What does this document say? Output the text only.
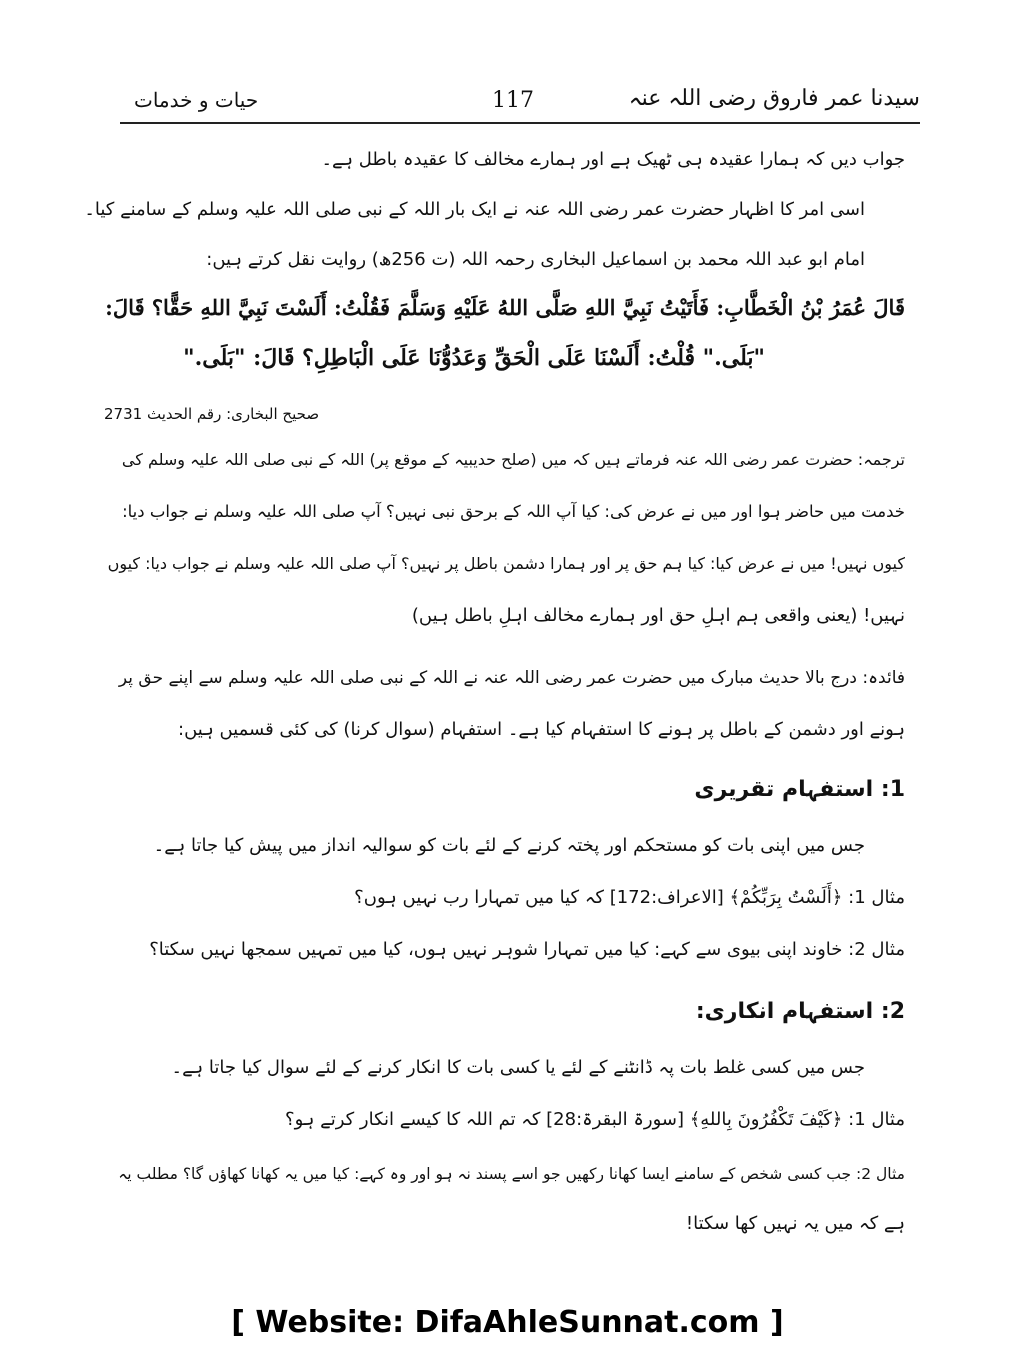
سیدنا عمر فاروق رضی اللہ عنہ
117
حیات و خدمات
جواب دیں کہ ہمارا عقیدہ ہی ٹھیک ہے اور ہمارے مخالف کا عقیدہ باطل ہے۔
اسی امر کا اظہار حضرت عمر رضی اللہ عنہ نے ایک بار اللہ کے نبی صلی اللہ علیہ وسلم کے سامنے کیا۔
امام ابو عبد اللہ محمد بن اسماعیل البخاری رحمہ اللہ (ت 256ھ) روایت نقل کرتے ہیں:
قَالَ عُمَرُ بْنُ الْخَطَّابِ: فَأَتَيْتُ نَبِيَّ اللهِ صَلَّى اللهُ عَلَيْهِ وَسَلَّمَ فَقُلْتُ: أَلَسْتَ نَبِيَّ اللهِ حَقًّا؟ قَالَ:
"بَلَى." قُلْتُ: أَلَسْنَا عَلَى الْحَقِّ وَعَدُوُّنَا عَلَى الْبَاطِلِ؟ قَالَ: "بَلَى."
صحیح البخاری: رقم الحدیث 2731
ترجمہ: حضرت عمر رضی اللہ عنہ فرماتے ہیں کہ میں (صلح حدیبیہ کے موقع پر) اللہ کے نبی صلی اللہ علیہ وسلم کی
خدمت میں حاضر ہوا اور میں نے عرض کی: کیا آپ اللہ کے برحق نبی نہیں؟ آپ صلی اللہ علیہ وسلم نے جواب دیا:
کیوں نہیں! میں نے عرض کیا: کیا ہم حق پر اور ہمارا دشمن باطل پر نہیں؟ آپ صلی اللہ علیہ وسلم نے جواب دیا: کیوں
نہیں! (یعنی واقعی ہم اہلِ حق اور ہمارے مخالف اہلِ باطل ہیں)
فائدہ: درج بالا حدیث مبارک میں حضرت عمر رضی اللہ عنہ نے اللہ کے نبی صلی اللہ علیہ وسلم سے اپنے حق پر
ہونے اور دشمن کے باطل پر ہونے کا استفہام کیا ہے۔ استفہام (سوال کرنا) کی کئی قسمیں ہیں:
1: استفہام تقریری
جس میں اپنی بات کو مستحکم اور پختہ کرنے کے لئے بات کو سوالیہ انداز میں پیش کیا جاتا ہے۔
مثال 1: ﴿أَلَسْتُ بِرَبِّكُمْ﴾ [الاعراف:172] کہ کیا میں تمہارا رب نہیں ہوں؟
مثال 2: خاوند اپنی بیوی سے کہے: کیا میں تمہارا شوہر نہیں ہوں، کیا میں تمہیں سمجھا نہیں سکتا؟
2: استفہام انکاری:
جس میں کسی غلط بات پہ ڈانٹنے کے لئے یا کسی بات کا انکار کرنے کے لئے سوال کیا جاتا ہے۔
مثال 1: ﴿كَيْفَ تَكْفُرُونَ بِاللهِ﴾ [سورۃ البقرۃ:28] کہ تم اللہ کا کیسے انکار کرتے ہو؟
مثال 2: جب کسی شخص کے سامنے ایسا کھانا رکھیں جو اسے پسند نہ ہو اور وہ کہے: کیا میں یہ کھانا کھاؤں گا؟ مطلب یہ
ہے کہ میں یہ نہیں کھا سکتا!
[ Website: DifaAhleSunnat.com ]
